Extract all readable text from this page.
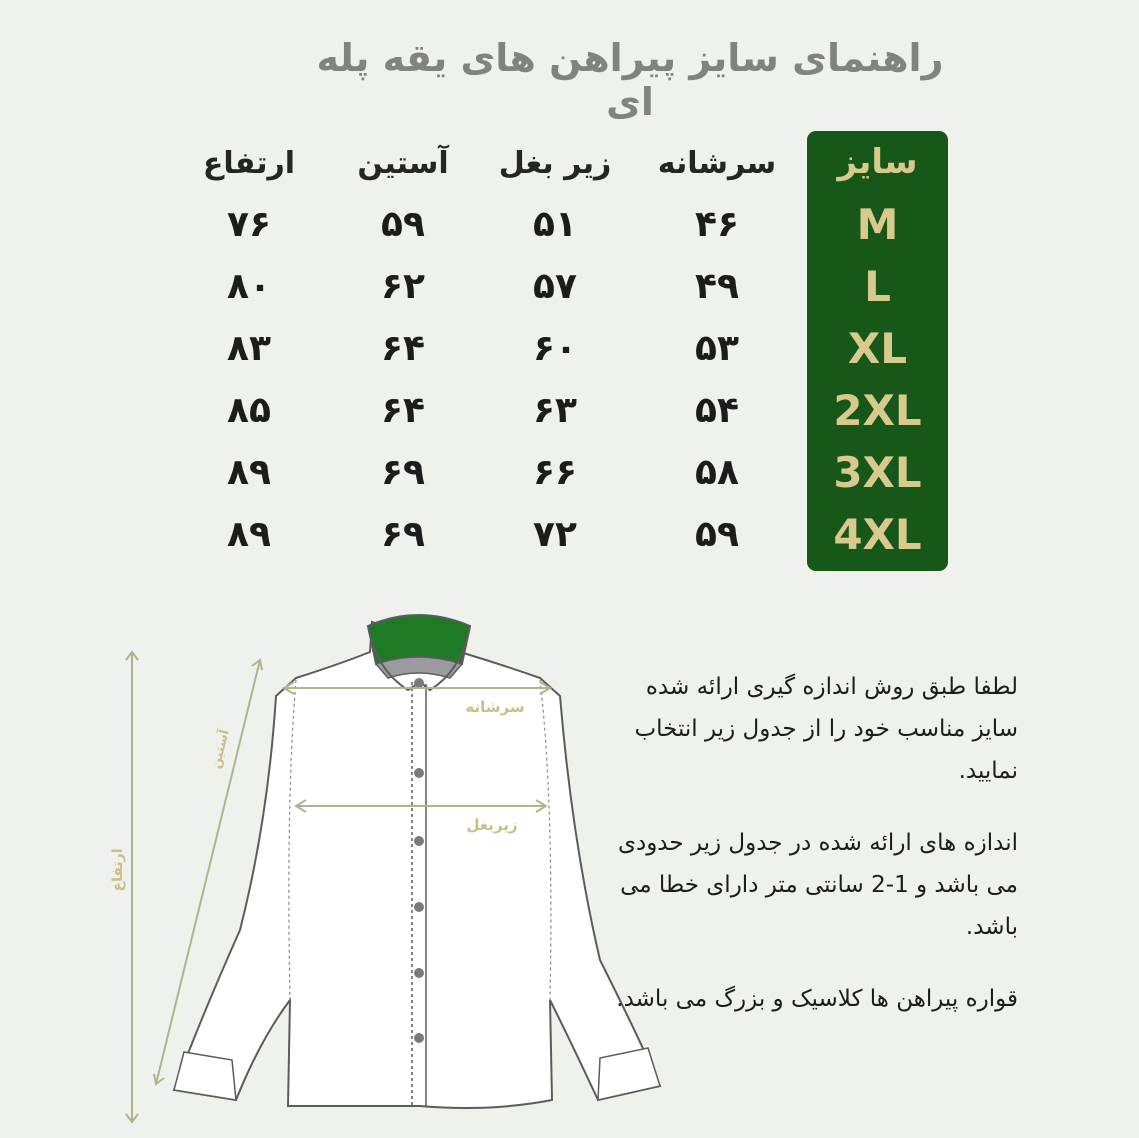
راهنمای سایز پیراهن های یقه پله ای
سایز
سرشانه
زیر بغل
آستین
ارتفاع
M
۴۶
۵۱
۵۹
۷۶
L
۴۹
۵۷
۶۲
۸۰
XL
۵۳
۶۰
۶۴
۸۳
2XL
۵۴
۶۳
۶۴
۸۵
3XL
۵۸
۶۶
۶۹
۸۹
4XL
۵۹
۷۲
۶۹
۸۹
سرشانه
زیربغل
آستین
ارتفاع
لطفا طبق روش اندازه گیری ارائه شده سایز مناسب خود را از جدول زیر انتخاب نمایید.
اندازه های ارائه شده در جدول زیر حدودی می باشد و 1-2 سانتی متر دارای خطا می باشد.
قواره پیراهن ها کلاسیک و بزرگ می باشد.
